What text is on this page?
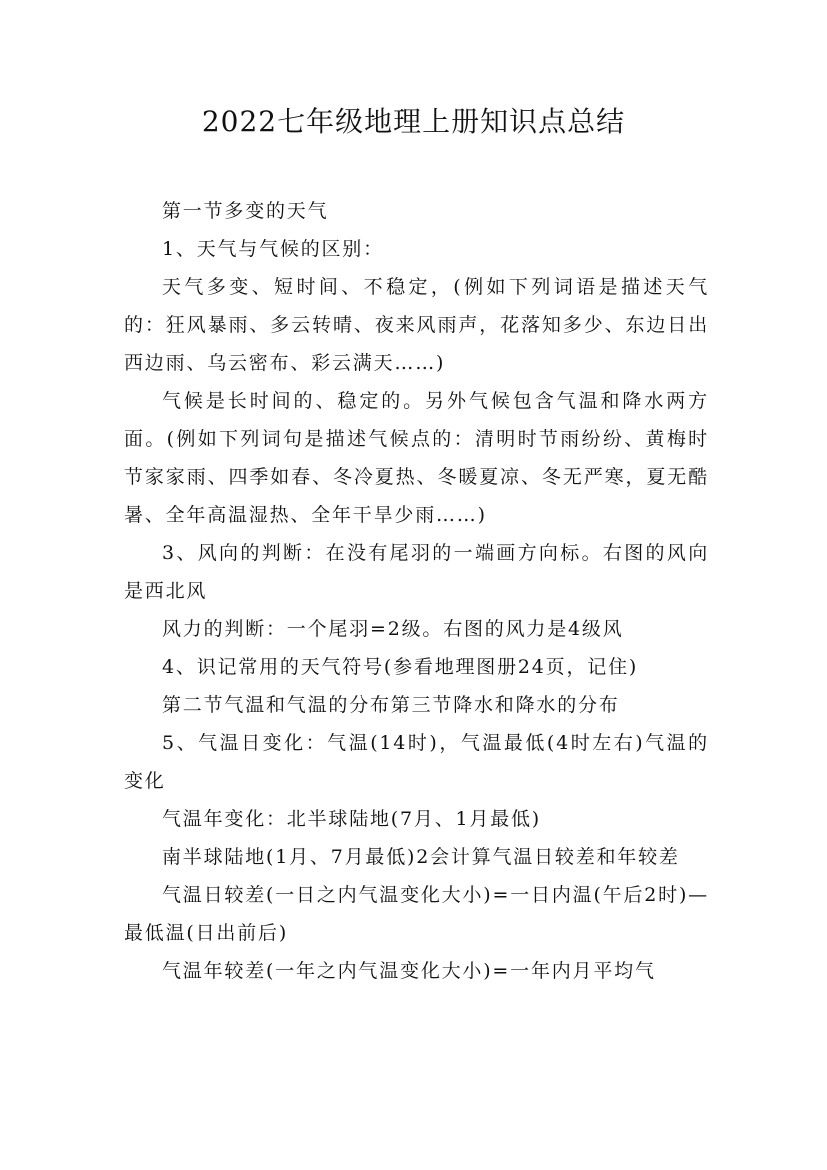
2022七年级地理上册知识点总结

第一节多变的天气

1、天气与气候的区别：

天气多变、短时间、不稳定，(例如下列词语是描述天气的：狂风暴雨、多云转晴、夜来风雨声，花落知多少、东边日出西边雨、乌云密布、彩云满天……)

气候是长时间的、稳定的。另外气候包含气温和降水两方面。(例如下列词句是描述气候点的：清明时节雨纷纷、黄梅时节家家雨、四季如春、冬冷夏热、冬暖夏凉、冬无严寒，夏无酷暑、全年高温湿热、全年干旱少雨……)

3、风向的判断：在没有尾羽的一端画方向标。右图的风向是西北风

风力的判断：一个尾羽=2级。右图的风力是4级风

4、识记常用的天气符号(参看地理图册24页，记住)

第二节气温和气温的分布第三节降水和降水的分布

5、气温日变化：气温(14时)，气温最低(4时左右)气温的变化

气温年变化：北半球陆地(7月、1月最低)

南半球陆地(1月、7月最低)2会计算气温日较差和年较差

气温日较差(一日之内气温变化大小)=一日内温(午后2时)—最低温(日出前后)

气温年较差(一年之内气温变化大小)=一年内月平均气
